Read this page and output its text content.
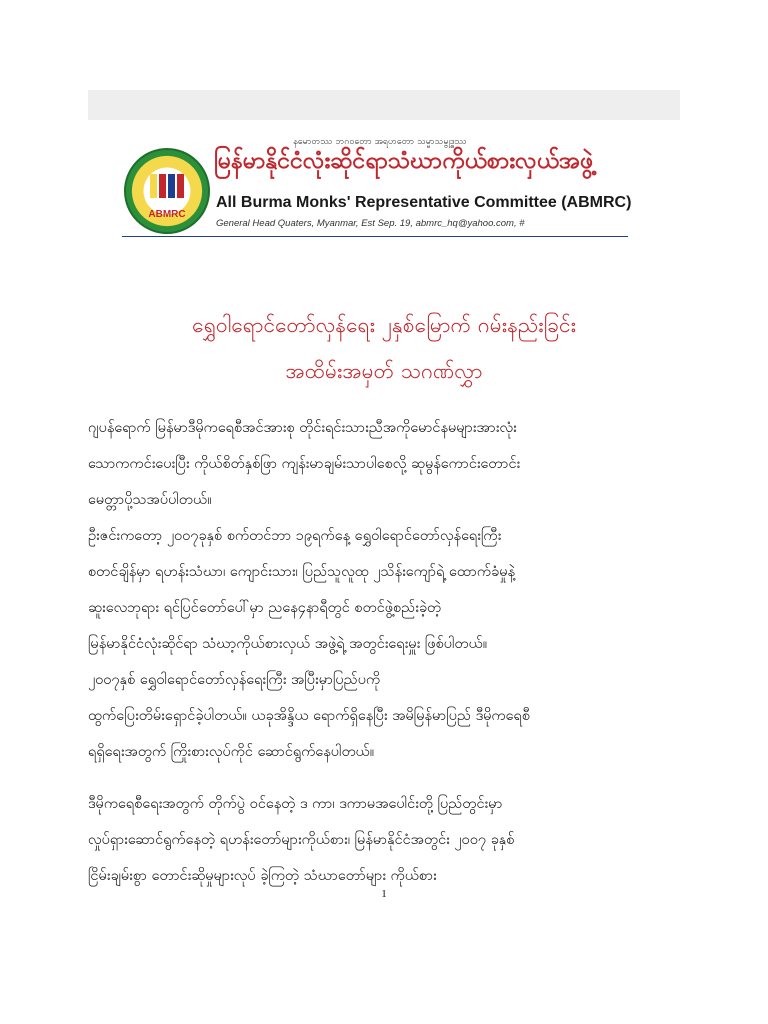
နမောတဿ ဘဂဝတော အရဟတော သမ္မာသမ္ဗုဒ္ဓဿ
ABMRC
မြန်မာနိုင်ငံလုံးဆိုင်ရာသံဃာကိုယ်စားလှယ်အဖွဲ့
All Burma Monks' Representative Committee (ABMRC)
General Head Quaters, Myanmar, Est Sep. 19, abmrc_hq@yahoo.com, #
ရွှေဝါရောင်တော်လှန်ရေး ၂နှစ်မြောက် ဂမ်းနည်းခြင်း
အထိမ်းအမှတ် သဂဏ်လွှာ
ဂျပန်ရောက် မြန်မာဒီမိုကရေစီအင်အားစု တိုင်းရင်းသားညီအကိုမောင်နမများအားလုံး
သောကကင်းပေးပြီး ကိုယ်စိတ်နှစ်ဖြာ ကျန်းမာချမ်းသာပါစေလို့ ဆုမွန်ကောင်းတောင်း
မေတ္တာပို့သအပ်ပါတယ်။
ဦးဇင်းကတော့ ၂၀၀၇ခုနှစ် စက်တင်ဘာ ၁၉ရက်နေ့ ရွှေဝါရောင်တော်လှန်ရေးကြီး
စတင်ချိန်မှာ ရဟန်းသံဃာ၊ ကျောင်းသား၊ ပြည်သူလူထု ၂သိန်းကျော်ရဲ့ ထောက်ခံမှုနဲ့
ဆူးလေဘုရား ရင်ပြင်တော်ပေါ်မှာ ညနေ၄နာရီတွင် စတင်ဖွဲ့စည်းခဲ့တဲ့
မြန်မာနိုင်ငံလုံးဆိုင်ရာ သံဃာ့ကိုယ်စားလှယ် အဖွဲ့ရဲ့ အတွင်းရေးမှူး ဖြစ်ပါတယ်။
၂၀၀၇နှစ် ရွှေဝါရောင်တော်လှန်ရေးကြီး အပြီးမှာပြည်ပကို
ထွက်ပြေးတိမ်းရှောင်ခဲ့ပါတယ်။ ယခုအိန္ဒိယ ရောက်ရှိနေပြီး အမိမြန်မာပြည် ဒီမိုကရေစီ
ရရှိရေးအတွက် ကြိုးစားလုပ်ကိုင် ဆောင်ရွက်နေပါတယ်။
ဒီမိုကရေစီရေးအတွက် တိုက်ပွဲ ဝင်နေတဲ့ ဒ ကာ၊ ဒကာမအပေါင်းတို့ ပြည်တွင်းမှာ
လှုပ်ရှားဆောင်ရွက်နေတဲ့ ရဟန်းတော်များကိုယ်စား၊ မြန်မာနိုင်ငံအတွင်း ၂၀၀၇ ခုနှစ်
ငြိမ်းချမ်းစွာ တောင်းဆိုမှုများလုပ် ခဲ့ကြတဲ့ သံဃာတော်များ ကိုယ်စား
1
